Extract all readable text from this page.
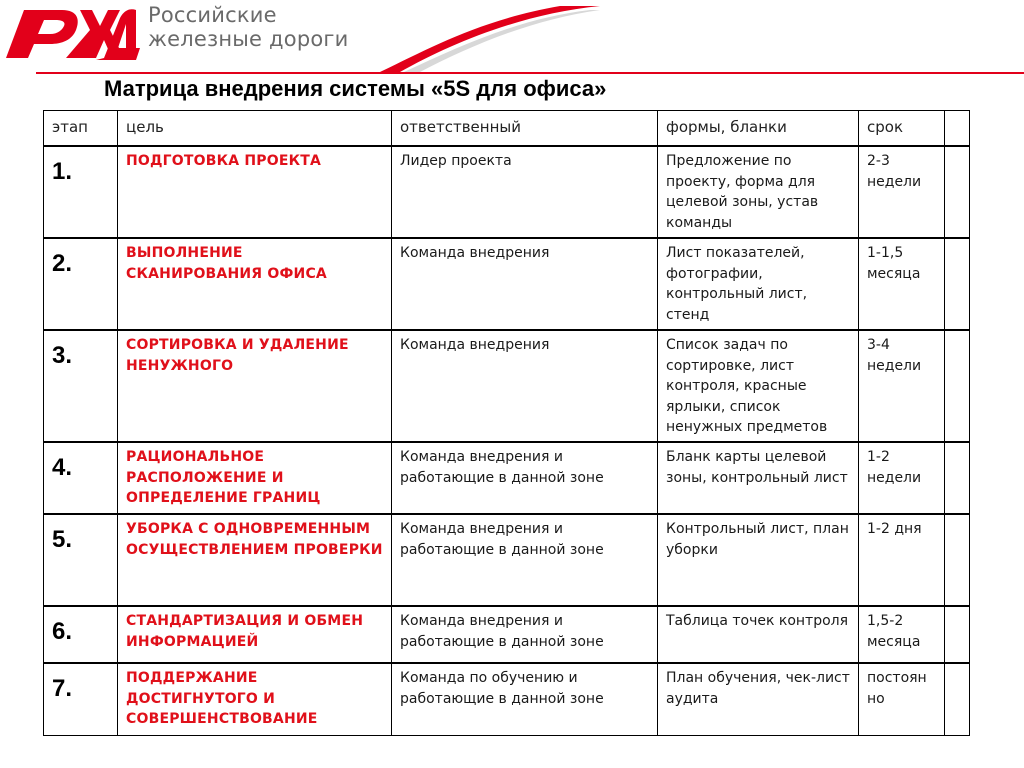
Российские
железные дороги
Матрица внедрения системы «5S для офиса»
этап	цель	ответственный	формы, бланки	срок	
1.	ПОДГОТОВКА ПРОЕКТА	Лидер проекта	Предложение по проекту, форма для целевой зоны, устав команды	2-3 недели	
2.	ВЫПОЛНЕНИЕ СКАНИРОВАНИЯ ОФИСА	Команда внедрения	Лист показателей, фотографии, контрольный лист, стенд	1-1,5 месяца	
3.	СОРТИРОВКА И УДАЛЕНИЕ НЕНУЖНОГО	Команда внедрения	Список задач по сортировке, лист контроля, красные ярлыки, список ненужных предметов	3-4 недели	
4.	РАЦИОНАЛЬНОЕ РАСПОЛОЖЕНИЕ И ОПРЕДЕЛЕНИЕ ГРАНИЦ	Команда внедрения и работающие в данной зоне	Бланк карты целевой зоны, контрольный лист	1-2 недели	
5.	УБОРКА С ОДНОВРЕМЕННЫМ ОСУЩЕСТВЛЕНИЕМ ПРОВЕРКИ	Команда внедрения и работающие в данной зоне	Контрольный лист, план уборки	1-2 дня	
6.	СТАНДАРТИЗАЦИЯ И ОБМЕН ИНФОРМАЦИЕЙ	Команда внедрения и работающие в данной зоне	Таблица точек контроля	1,5-2 месяца	
7.	ПОДДЕРЖАНИЕ ДОСТИГНУТОГО И СОВЕРШЕНСТВОВАНИЕ	Команда по обучению и работающие в данной зоне	План обучения, чек-лист аудита	постоян но	
